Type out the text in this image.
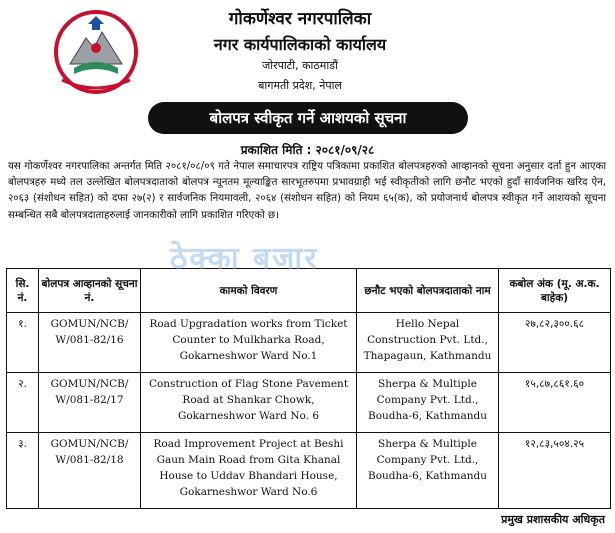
गोकर्णेश्वर नगरपालिका
नगर कार्यपालिकाको कार्यालय
जोरपाटी, काठमाडौं
बागमती प्रदेश, नेपाल
बोलपत्र स्वीकृत गर्ने आशयको सूचना
प्रकाशित मिति : २०८१/०९/२८
यस गोकर्णेश्वर नगरपालिका अन्तर्गत मिति २०८१/०८/०९ गते नेपाल समाचारपत्र राष्ट्रिय पत्रिकामा प्रकाशित बोलपत्रहरुको आव्हानको सूचना अनुसार दर्ता हुन आएका बोलपत्रहरु मध्ये तल उल्लेखित बोलपत्रदाताको बोलपत्र न्यूनतम मूल्याङ्कित सारभूतरुपमा प्रभावग्राही भई स्वीकृतीको लागि छनौट भएको हुदाँ सार्वजनिक खरिद ऐन, २०६३ (संशोधन सहित) को दफा २७(२) र सार्वजनिक नियमावली, २०६४ (संशोधन सहित) को नियम ६५(क), को प्रयोजनार्थ बोलपत्र स्वीकृत गर्ने आशयको सूचना सम्बन्धित सबै बोलपत्रदाताहरुलाई जानकारीको लागि प्रकाशित गरिएको छ।
सि. नं.	बोलपत्र आव्हानको सूचना नं.	कामको विवरण	छनौट भएको बोलपत्रदाताको नाम	कबोल अंक (मू. अ.क. बाहेक)
१.	GOMUN/NCB/ W/081-82/16	Road Upgradation works from Ticket Counter to Mulkharka Road, Gokarneshwor Ward No.1	Hello Nepal Construction Pvt. Ltd., Thapagaun, Kathmandu	२७,८२,३००.६८
२.	GOMUN/NCB/ W/081-82/17	Construction of Flag Stone Pavement Road at Shankar Chowk, Gokarneshwor Ward No. 6	Sherpa & Multiple Company Pvt. Ltd., Boudha-6, Kathmandu	१५,८७,८६१.६०
३.	GOMUN/NCB/ W/081-82/18	Road Improvement Project at Beshi Gaun Main Road from Gita Khanal House to Uddav Bhandari House, Gokarneshwor Ward No.6	Sherpa & Multiple Company Pvt. Ltd., Boudha-6, Kathmandu	१२,८३,५०४.२५
ठेक्का बजार
प्रमुख प्रशासकीय अधिकृत
